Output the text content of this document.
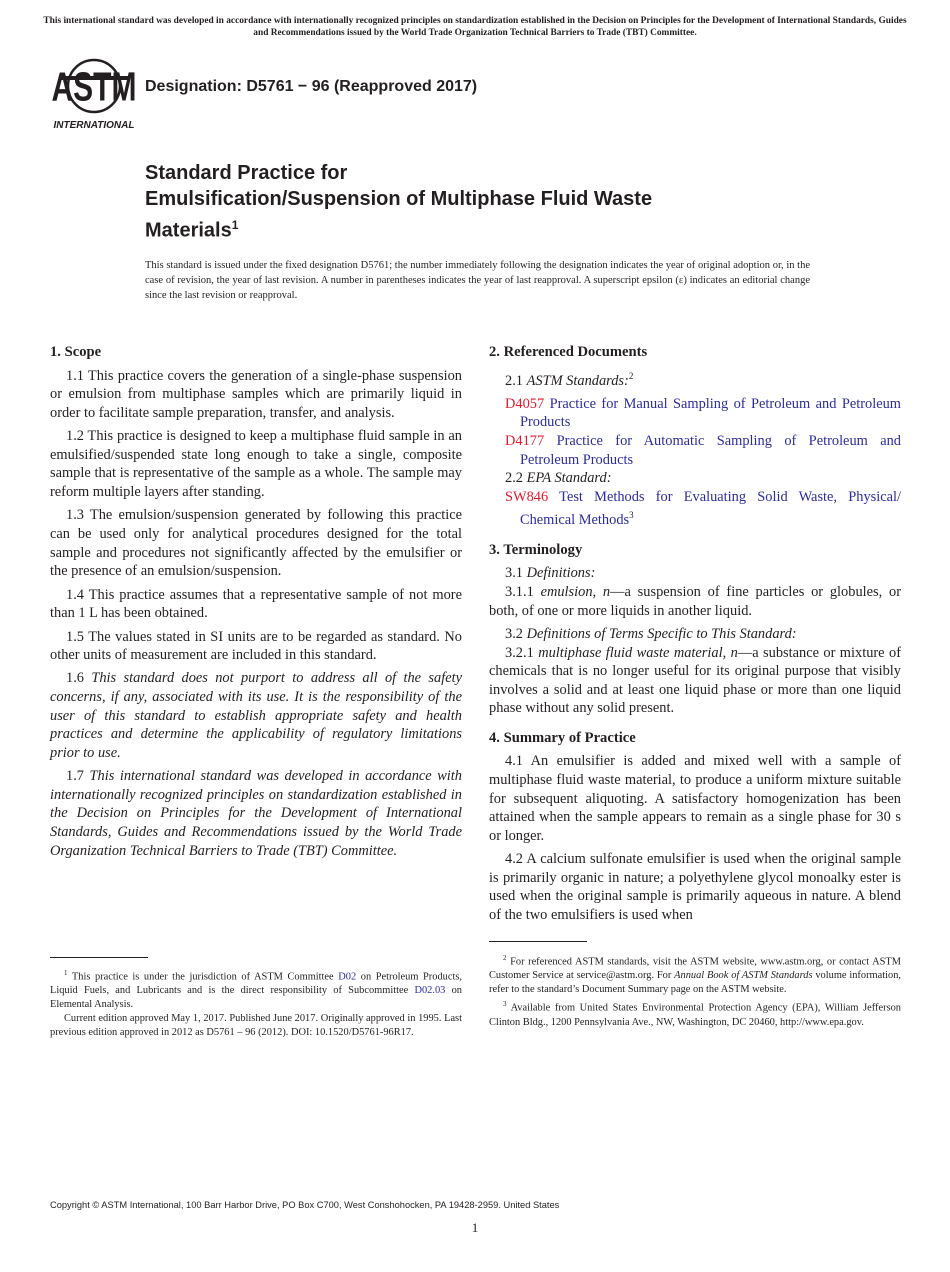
This international standard was developed in accordance with internationally recognized principles on standardization established in the Decision on Principles for the Development of International Standards, Guides and Recommendations issued by the World Trade Organization Technical Barriers to Trade (TBT) Committee.
ASTM
INTERNATIONAL
Designation: D5761 − 96 (Reapproved 2017)
Standard Practice for
Emulsification/Suspension of Multiphase Fluid Waste
Materials$^1$
This standard is issued under the fixed designation D5761; the number immediately following the designation indicates the year of original adoption or, in the case of revision, the year of last revision. A number in parentheses indicates the year of last reapproval. A superscript epsilon (ε) indicates an editorial change since the last revision or reapproval.
1. Scope

1.1 This practice covers the generation of a single-phase suspension or emulsion from multiphase samples which are primarily liquid in order to facilitate sample preparation, transfer, and analysis.

1.2 This practice is designed to keep a multiphase fluid sample in an emulsified/suspended state long enough to take a single, composite sample that is representative of the sample as a whole. The sample may reform multiple layers after standing.

1.3 The emulsion/suspension generated by following this practice can be used only for analytical procedures designed for the total sample and procedures not significantly affected by the emulsifier or the presence of an emulsion/suspension.

1.4 This practice assumes that a representative sample of not more than 1 L has been obtained.

1.5 The values stated in SI units are to be regarded as standard. No other units of measurement are included in this standard.

1.6 This standard does not purport to address all of the safety concerns, if any, associated with its use. It is the responsibility of the user of this standard to establish appropriate safety and health practices and determine the applicability of regulatory limitations prior to use.

1.7 This international standard was developed in accordance with internationally recognized principles on standardization established in the Decision on Principles for the Development of International Standards, Guides and Recommendations issued by the World Trade Organization Technical Barriers to Trade (TBT) Committee.

$^1$ This practice is under the jurisdiction of ASTM Committee D02 on Petroleum Products, Liquid Fuels, and Lubricants and is the direct responsibility of Subcommittee D02.03 on Elemental Analysis.

Current edition approved May 1, 2017. Published June 2017. Originally approved in 1995. Last previous edition approved in 2012 as D5761 – 96 (2012). DOI: 10.1520/D5761-96R17.

2. Referenced Documents

2.1 ASTM Standards:$^2$

D4057 Practice for Manual Sampling of Petroleum and Petroleum Products
D4177 Practice for Automatic Sampling of Petroleum and Petroleum Products

2.2 EPA Standard:

SW846 Test Methods for Evaluating Solid Waste, Physical/ Chemical Methods$^3$
3. Terminology

3.1 Definitions:

3.1.1 emulsion, n—a suspension of fine particles or globules, or both, of one or more liquids in another liquid.

3.2 Definitions of Terms Specific to This Standard:

3.2.1 multiphase fluid waste material, n—a substance or mixture of chemicals that is no longer useful for its original purpose that visibly involves a solid and at least one liquid phase or more than one liquid phase without any solid present.

4. Summary of Practice

4.1 An emulsifier is added and mixed well with a sample of multiphase fluid waste material, to produce a uniform mixture suitable for subsequent aliquoting. A satisfactory homogenization has been attained when the sample appears to remain as a single phase for 30 s or longer.

4.2 A calcium sulfonate emulsifier is used when the original sample is primarily organic in nature; a polyethylene glycol monoalky ester is used when the original sample is primarily aqueous in nature. A blend of the two emulsifiers is used when

$^2$ For referenced ASTM standards, visit the ASTM website, www.astm.org, or contact ASTM Customer Service at service@astm.org. For Annual Book of ASTM Standards volume information, refer to the standard’s Document Summary page on the ASTM website.

$^3$ Available from United States Environmental Protection Agency (EPA), William Jefferson Clinton Bldg., 1200 Pennsylvania Ave., NW, Washington, DC 20460, http://www.epa.gov.

Copyright © ASTM International, 100 Barr Harbor Drive, PO Box C700, West Conshohocken, PA 19428-2959. United States
1
